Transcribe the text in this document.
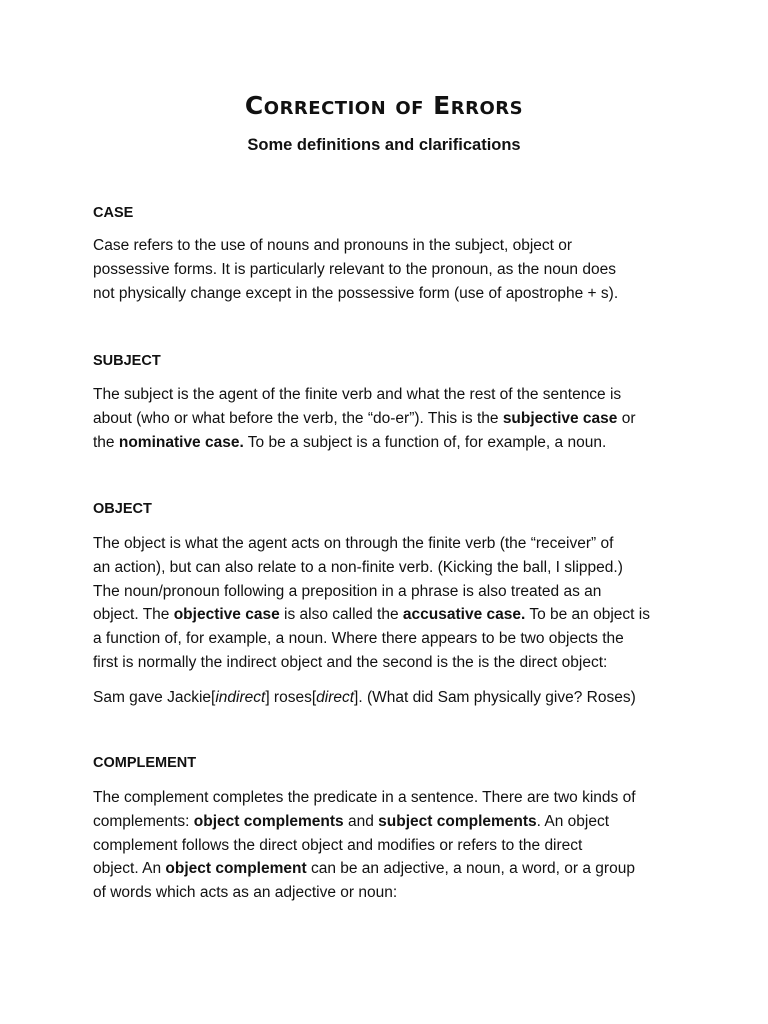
Correction of Errors
Some definitions and clarifications
CASE

Case refers to the use of nouns and pronouns in the subject, object or
possessive forms. It is particularly relevant to the pronoun, as the noun does
not physically change except in the possessive form (use of apostrophe + s).

SUBJECT

The subject is the agent of the finite verb and what the rest of the sentence is
about (who or what before the verb, the “do-er”). This is the subjective case or
the nominative case. To be a subject is a function of, for example, a noun.

OBJECT

The object is what the agent acts on through the finite verb (the “receiver” of
an action), but can also relate to a non-finite verb. (Kicking the ball, I slipped.)
The noun/pronoun following a preposition in a phrase is also treated as an
object. The objective case is also called the accusative case. To be an object is
a function of, for example, a noun. Where there appears to be two objects the
first is normally the indirect object and the second is the is the direct object:

Sam gave Jackie[indirect] roses[direct]. (What did Sam physically give? Roses)

COMPLEMENT

The complement completes the predicate in a sentence. There are two kinds of
complements: object complements and subject complements. An object
complement follows the direct object and modifies or refers to the direct
object. An object complement can be an adjective, a noun, a word, or a group
of words which acts as an adjective or noun:
